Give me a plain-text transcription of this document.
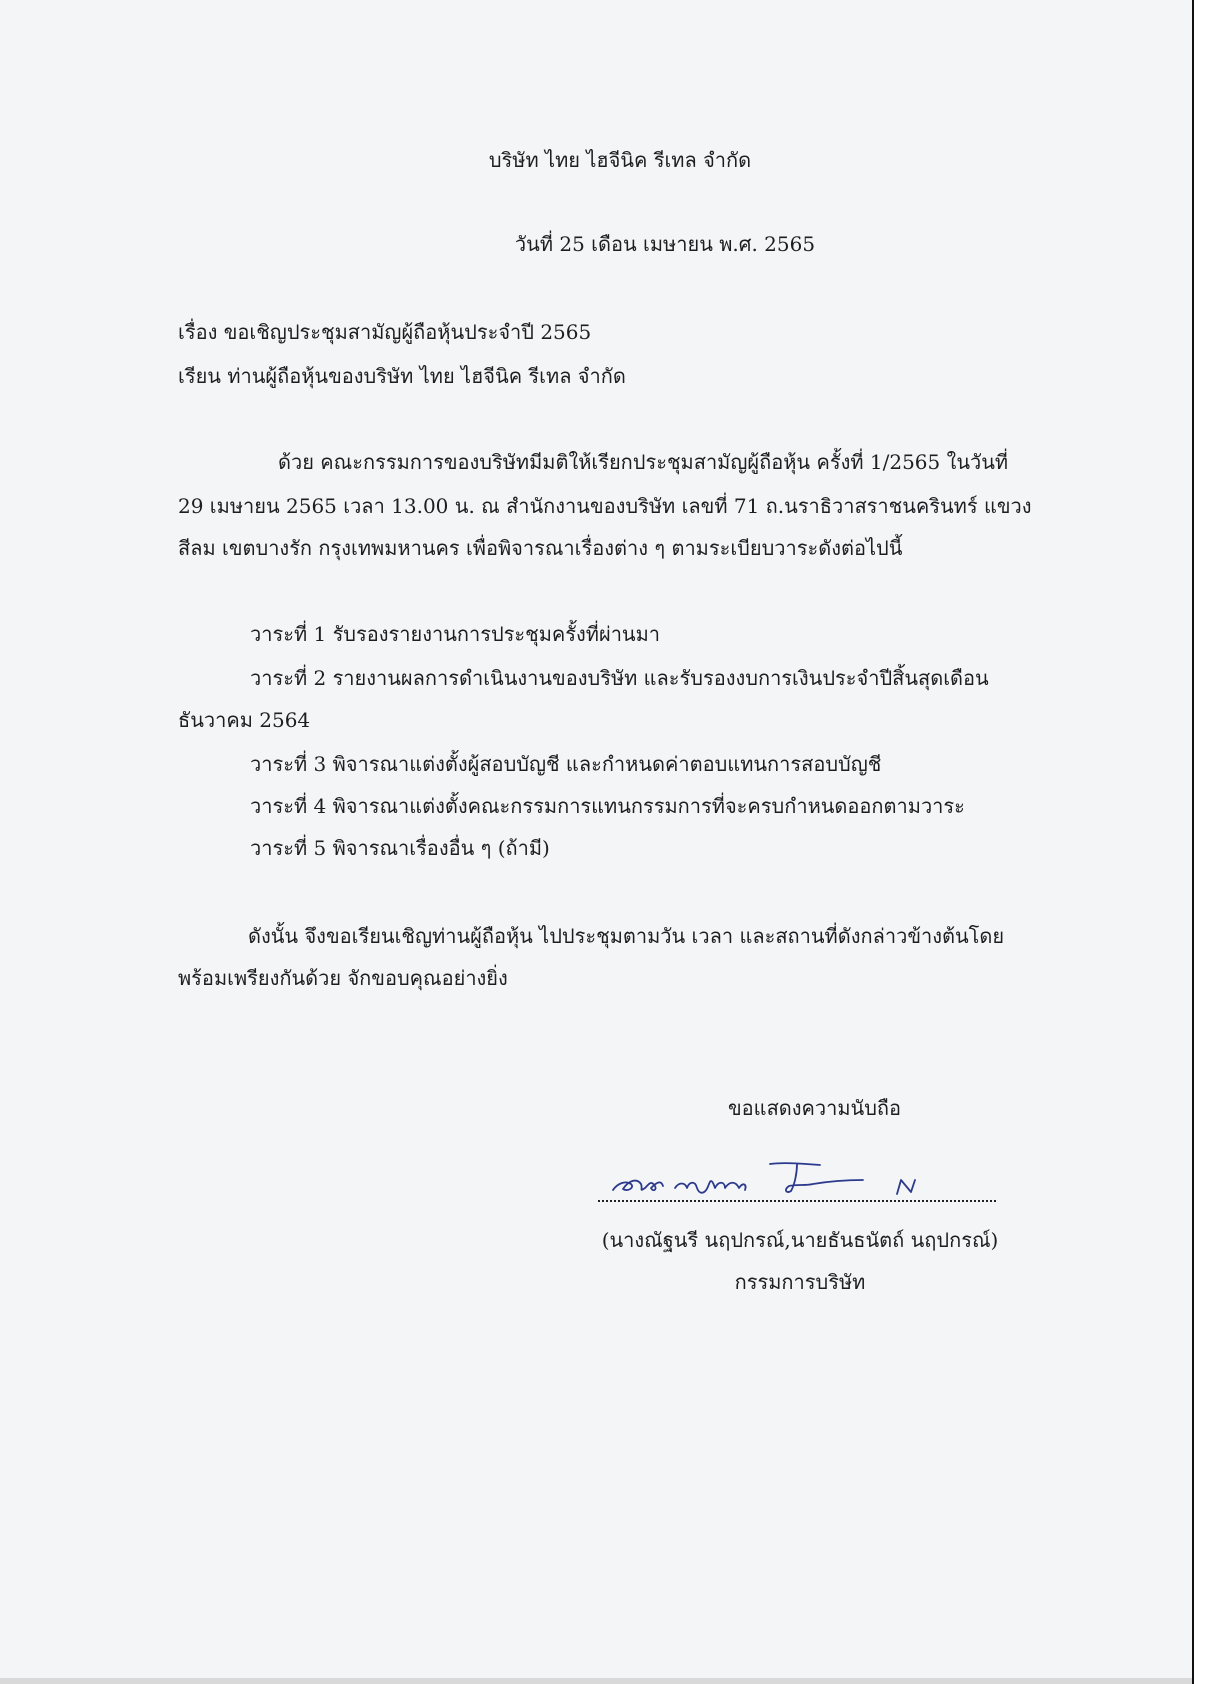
บริษัท ไทย ไฮจีนิค รีเทล จำกัด
วันที่ 25 เดือน เมษายน พ.ศ. 2565
เรื่อง ขอเชิญประชุมสามัญผู้ถือหุ้นประจำปี 2565
เรียน ท่านผู้ถือหุ้นของบริษัท ไทย ไฮจีนิค รีเทล จำกัด
ด้วย คณะกรรมการของบริษัทมีมติให้เรียกประชุมสามัญผู้ถือหุ้น ครั้งที่ 1/2565 ในวันที่
29 เมษายน 2565 เวลา 13.00 น. ณ สำนักงานของบริษัท เลขที่ 71 ถ.นราธิวาสราชนครินทร์ แขวง
สีลม เขตบางรัก กรุงเทพมหานคร เพื่อพิจารณาเรื่องต่าง ๆ ตามระเบียบวาระดังต่อไปนี้
วาระที่ 1 รับรองรายงานการประชุมครั้งที่ผ่านมา
วาระที่ 2 รายงานผลการดำเนินงานของบริษัท และรับรองงบการเงินประจำปีสิ้นสุดเดือน
ธันวาคม 2564
วาระที่ 3 พิจารณาแต่งตั้งผู้สอบบัญชี และกำหนดค่าตอบแทนการสอบบัญชี
วาระที่ 4 พิจารณาแต่งตั้งคณะกรรมการแทนกรรมการที่จะครบกำหนดออกตามวาระ
วาระที่ 5 พิจารณาเรื่องอื่น ๆ (ถ้ามี)
ดังนั้น จึงขอเรียนเชิญท่านผู้ถือหุ้น ไปประชุมตามวัน เวลา และสถานที่ดังกล่าวข้างต้นโดย
พร้อมเพรียงกันด้วย จักขอบคุณอย่างยิ่ง
ขอแสดงความนับถือ
(นางณัฐนรี นฤปกรณ์,นายธันธนัตถ์ นฤปกรณ์)
กรรมการบริษัท
